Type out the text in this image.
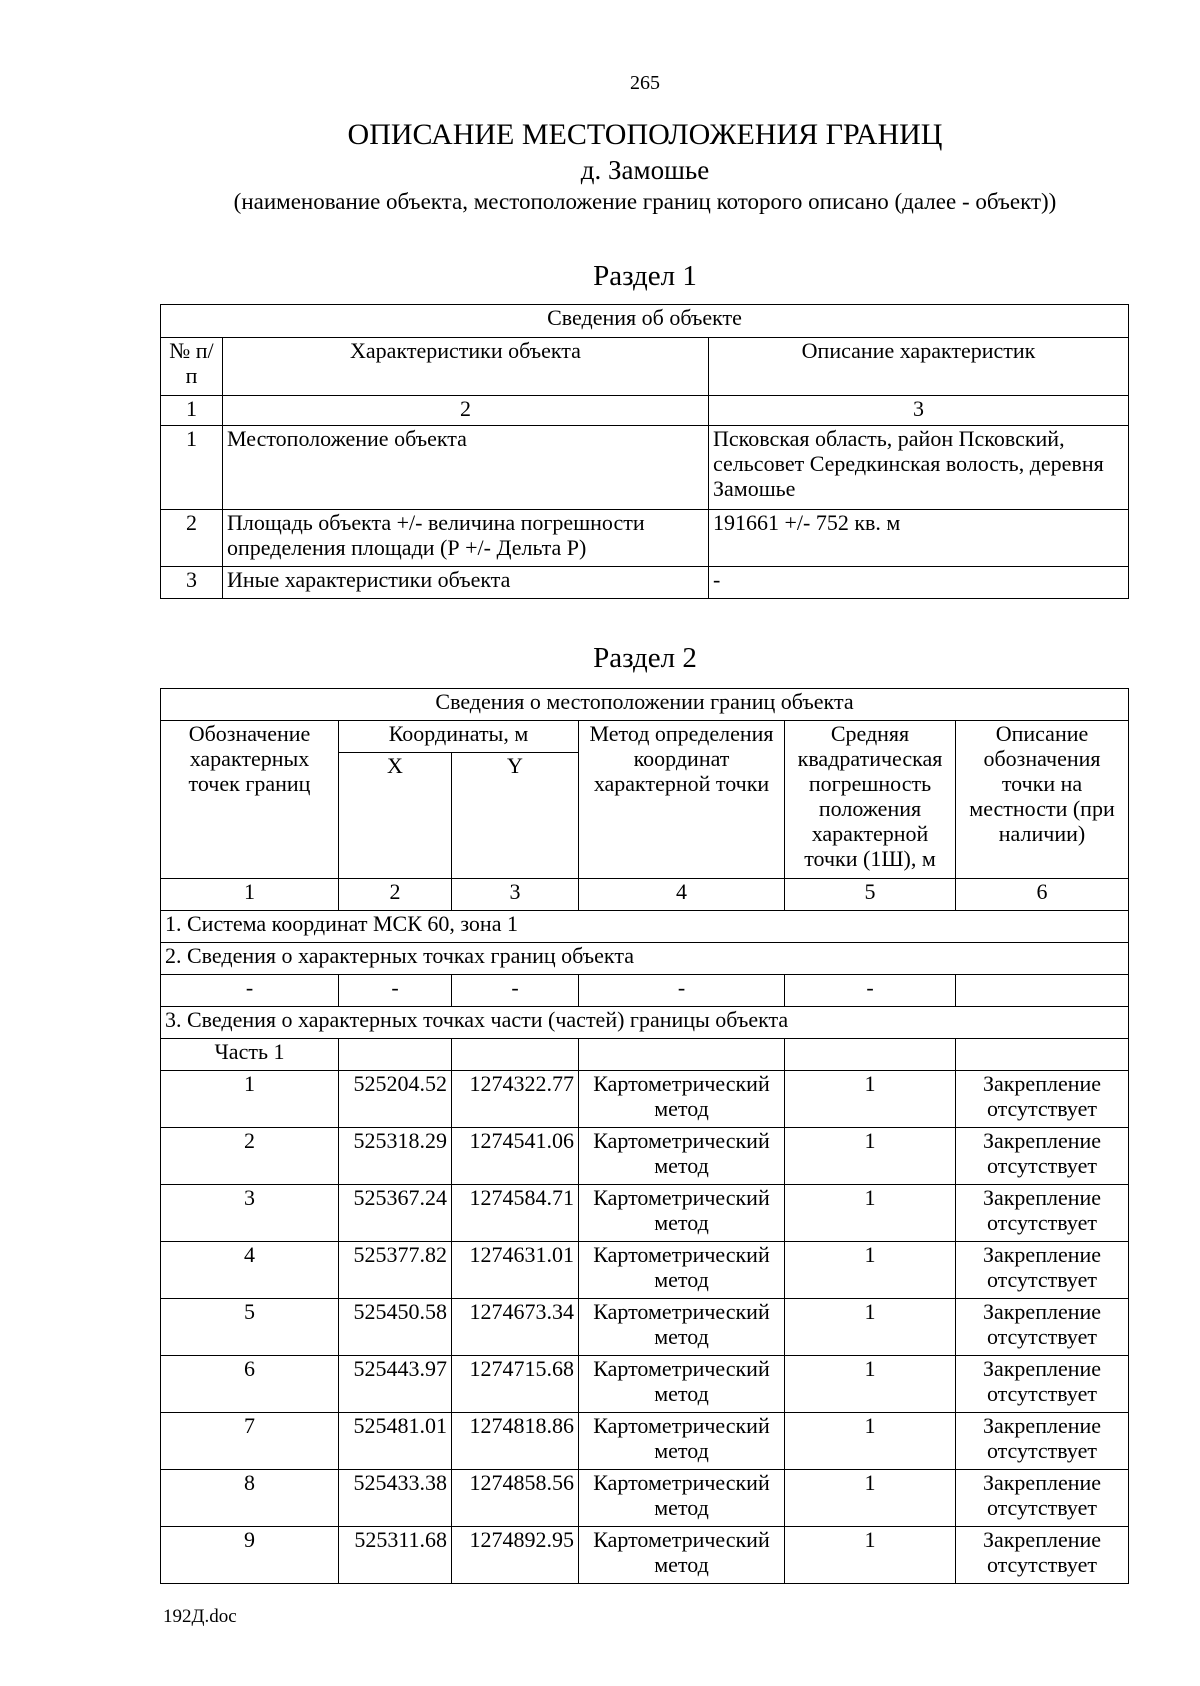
265
ОПИСАНИЕ МЕСТОПОЛОЖЕНИЯ ГРАНИЦ
д. Замошье
(наименование объекта, местоположение границ которого описано (далее - объект))
Раздел 1
Сведения об объекте		
№ п/п	Характеристики объекта	Описание характеристик
1	2	3
1	Местоположение объекта	Псковская область, район Псковский, сельсовет Середкинская волость, деревня Замошье
2	Площадь объекта +/- величина погрешности определения площади (Р +/- Дельта Р)	191661 +/- 752 кв. м
3	Иные характеристики объекта	-
Раздел 2
Сведения о местоположении границ объекта					
Обозначение характерных точек границ	Координаты, м		Метод определения координат характерной точки	Средняя квадратическая погрешность положения характерной точки (1Ш), м	Описание обозначения точки на местности (при наличии)
	X	Y			
1	2	3	4	5	6
1. Система координат МСК 60, зона 1					
2. Сведения о характерных точках границ объекта					
-	-	-	-	-	
3. Сведения о характерных точках части (частей) границы объекта					
Часть 1					
1	525204.52	1274322.77	Картометрический метод	1	Закрепление отсутствует
2	525318.29	1274541.06	Картометрический метод	1	Закрепление отсутствует
3	525367.24	1274584.71	Картометрический метод	1	Закрепление отсутствует
4	525377.82	1274631.01	Картометрический метод	1	Закрепление отсутствует
5	525450.58	1274673.34	Картометрический метод	1	Закрепление отсутствует
6	525443.97	1274715.68	Картометрический метод	1	Закрепление отсутствует
7	525481.01	1274818.86	Картометрический метод	1	Закрепление отсутствует
8	525433.38	1274858.56	Картометрический метод	1	Закрепление отсутствует
9	525311.68	1274892.95	Картометрический метод	1	Закрепление отсутствует
192Д.doc
